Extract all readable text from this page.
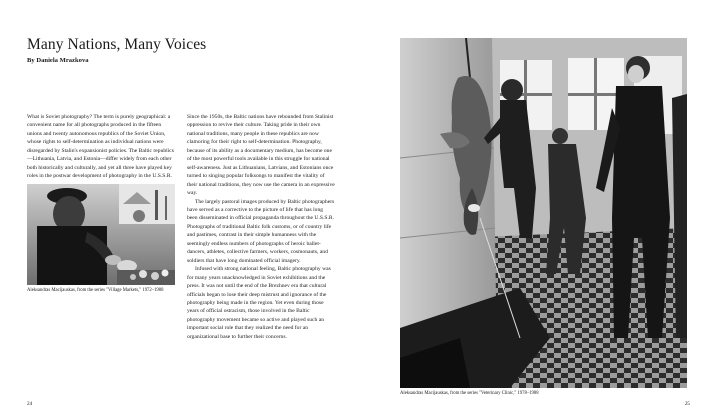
Many Nations, Many Voices
By Daniela Mrazkova

What is Soviet photography? The term is purely geographical: a convenient name for all photographs produced in the fifteen unions and twenty autonomous republics of the Soviet Union, whose rights to self-determination as individual nations were disregarded by Stalin's expansionist policies. The Baltic republics—Lithuania, Latvia, and Estonia—differ widely from each other both historically and culturally, and yet all three have played key roles in the postwar development of photography in the U.S.S.R.

Since the 1950s, the Baltic nations have rebounded from Stalinist oppression to revive their culture. Taking pride in their own national traditions, many people in these republics are now clamoring for their right to self-determination. Photography, because of its ability as a documentary medium, has become one of the most powerful tools available in this struggle for national self-awareness. Just as Lithuanians, Latvians, and Estonians once turned to singing popular folksongs to manifest the vitality of their national traditions, they now use the camera in an expressive way.

The largely pastoral images produced by Baltic photographers have served as a corrective to the picture of life that has long been disseminated in official propaganda throughout the U.S.S.R. Photographs of traditional Baltic folk customs, or of country life and pastimes, contrast in their simple humanness with the seemingly endless numbers of photographs of heroic ballet-dancers, athletes, collective farmers, workers, cosmonauts, and soldiers that have long dominated official imagery.

Infused with strong national feeling, Baltic photography was for many years unacknowledged in Soviet exhibitions and the press. It was not until the end of the Brezhnev era that cultural officials began to lose their deep mistrust and ignorance of the photography being made in the region. Yet even during those years of official ostracism, those involved in the Baltic photography movement became so active and played such an important social role that they realized the need for an organizational base to further their concerns.

Aleksandras Macijauskas, from the series "Village Markets," 1972–1988
Aleksandras Macijauskas, from the series "Veterinary Clinic," 1978–1988
24	25
